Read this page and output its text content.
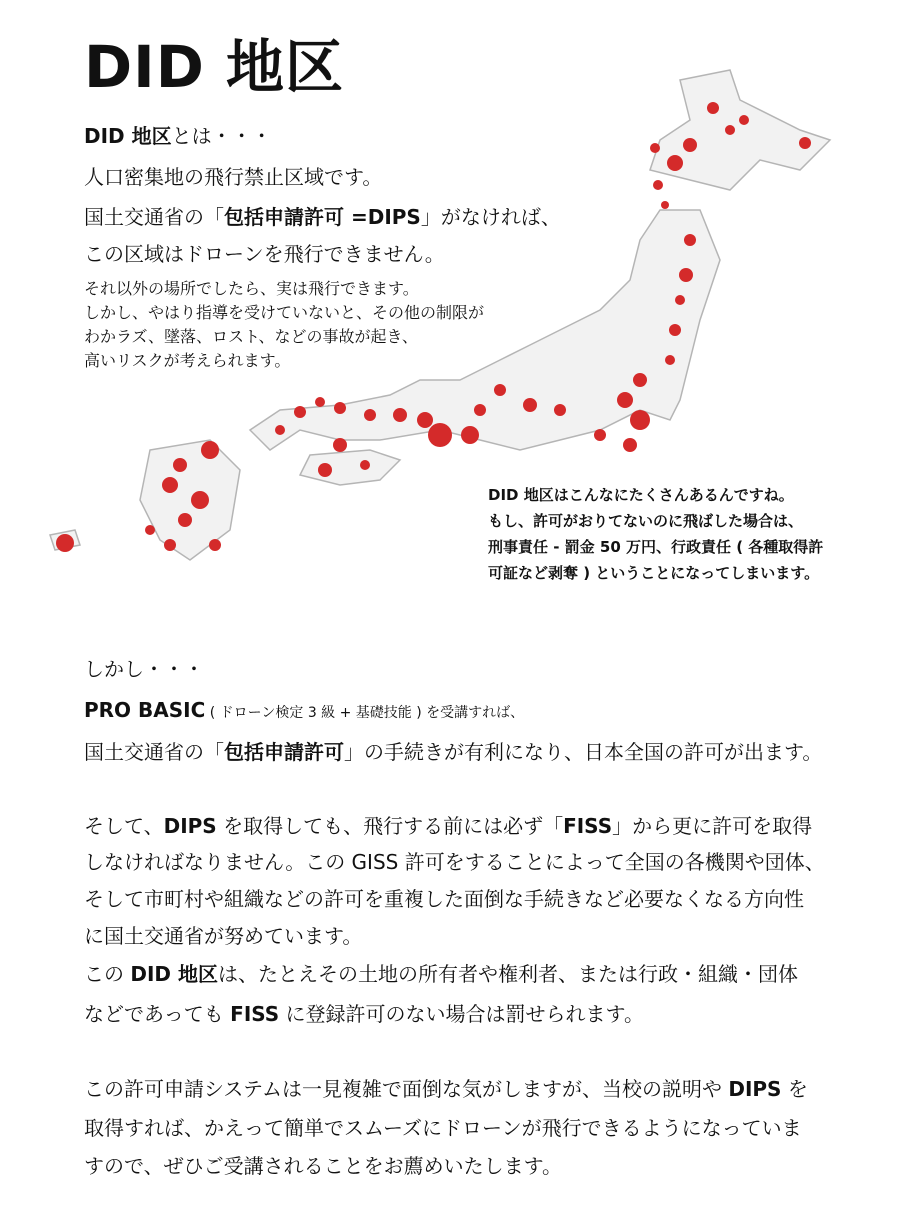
DID 地区
DID 地区とは・・・
人口密集地の飛行禁止区域です。
国土交通省の「包括申請許可 =DIPS」がなければ、
この区域はドローンを飛行できません。
それ以外の場所でしたら、実は飛行できます。
しかし、やはり指導を受けていないと、その他の制限が
わかラズ、墜落、ロスト、などの事故が起き、
高いリスクが考えられます。
DID 地区はこんなにたくさんあるんですね。
もし、許可がおりてないのに飛ばした場合は、
刑事責任 - 罰金 50 万円、行政責任 ( 各種取得許
可証など剥奪 ) ということになってしまいます。
しかし・・・
PRO BASIC ( ドローン検定 3 級 + 基礎技能 ) を受講すれば、
国土交通省の「包括申請許可」の手続きが有利になり、日本全国の許可が出ます。
そして、DIPS を取得しても、飛行する前には必ず「FISS」から更に許可を取得
しなければなりません。この GISS 許可をすることによって全国の各機関や団体、
そして市町村や組織などの許可を重複した面倒な手続きなど必要なくなる方向性
に国土交通省が努めています。
この DID 地区は、たとえその土地の所有者や権利者、または行政・組織・団体
などであっても FISS に登録許可のない場合は罰せられます。
この許可申請システムは一見複雑で面倒な気がしますが、当校の説明や DIPS を
取得すれば、かえって簡単でスムーズにドローンが飛行できるようになっていま
すので、ぜひご受講されることをお薦めいたします。
